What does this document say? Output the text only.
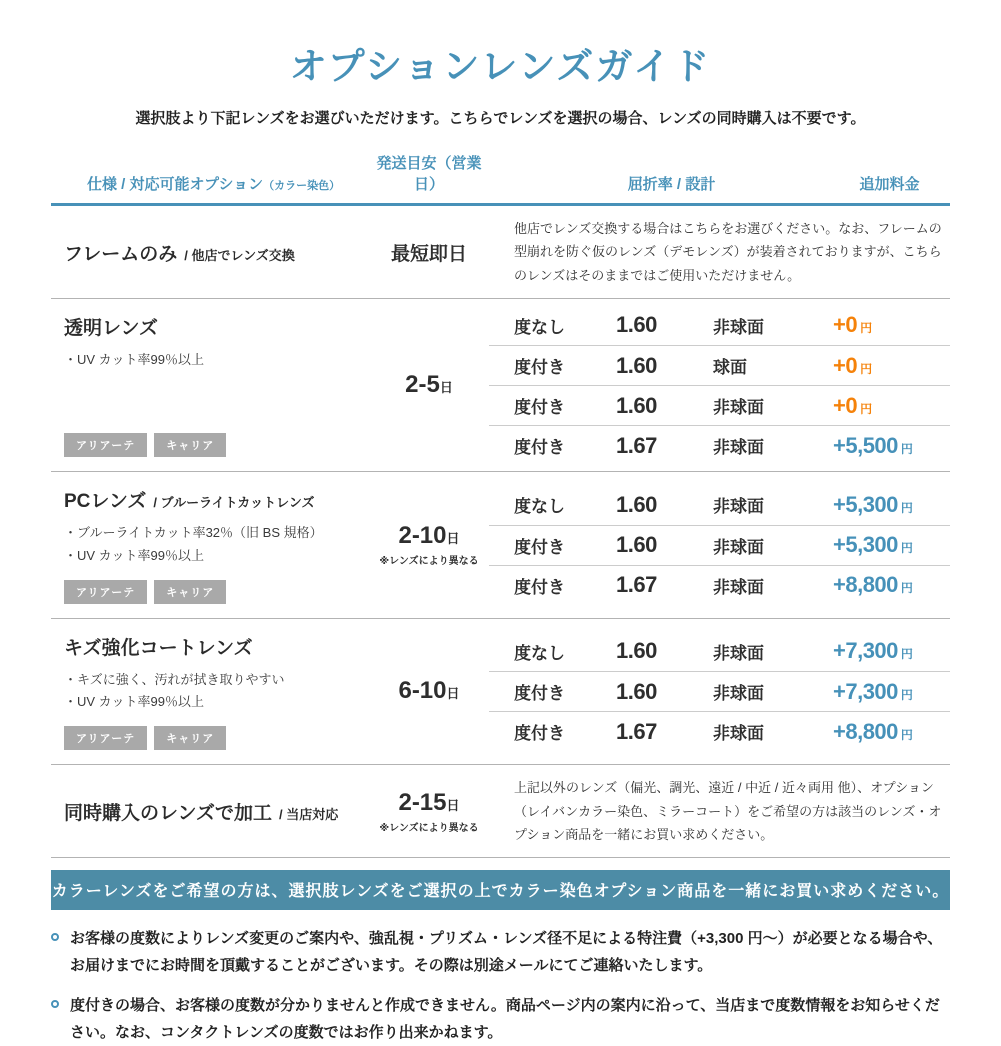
オプションレンズガイド
選択肢より下記レンズをお選びいただけます。こちらでレンズを選択の場合、レンズの同時購入は不要です。
仕様 / 対応可能オプション（カラー染色）
発送目安（営業日）	屈折率 / 設計	追加料金
フレームのみ / 他店でレンズ交換	最短即日
他店でレンズ交換する場合はこちらをお選びください。なお、フレームの型崩れを防ぐ仮のレンズ（デモレンズ）が装着されておりますが、こちらのレンズはそのままではご使用いただけません。
透明レンズ
・UV カット率99％以上
アリアーテ	キャリア
2-5日
度なし	1.60	非球面	+0 円
度付き	1.60	球面	+0 円
度付き	1.60	非球面	+0 円
度付き	1.67	非球面	+5,500 円
PCレンズ / ブルーライトカットレンズ
・ブルーライトカット率32％（旧 BS 規格）
・UV カット率99％以上
アリアーテ	キャリア
2-10日
※レンズにより異なる
度なし	1.60	非球面	+5,300 円
度付き	1.60	非球面	+5,300 円
度付き	1.67	非球面	+8,800 円
キズ強化コートレンズ
・キズに強く、汚れが拭き取りやすい
・UV カット率99％以上
アリアーテ	キャリア
6-10日
度なし	1.60	非球面	+7,300 円
度付き	1.60	非球面	+7,300 円
度付き	1.67	非球面	+8,800 円
同時購入のレンズで加工 / 当店対応	2-15日
※レンズにより異なる
上記以外のレンズ（偏光、調光、遠近 / 中近 / 近々両用 他）、オプション（レイバンカラー染色、ミラーコート）をご希望の方は該当のレンズ・オプション商品を一緒にお買い求めください。
カラーレンズをご希望の方は、選択肢レンズをご選択の上でカラー染色オプション商品を一緒にお買い求めください。
お客様の度数によりレンズ変更のご案内や、強乱視・プリズム・レンズ径不足による特注費（+3,300 円〜）が必要となる場合や、お届けまでにお時間を頂戴することがございます。その際は別途メールにてご連絡いたします。
度付きの場合、お客様の度数が分かりませんと作成できません。商品ページ内の案内に沿って、当店まで度数情報をお知らせください。なお、コンタクトレンズの度数ではお作り出来かねます。
